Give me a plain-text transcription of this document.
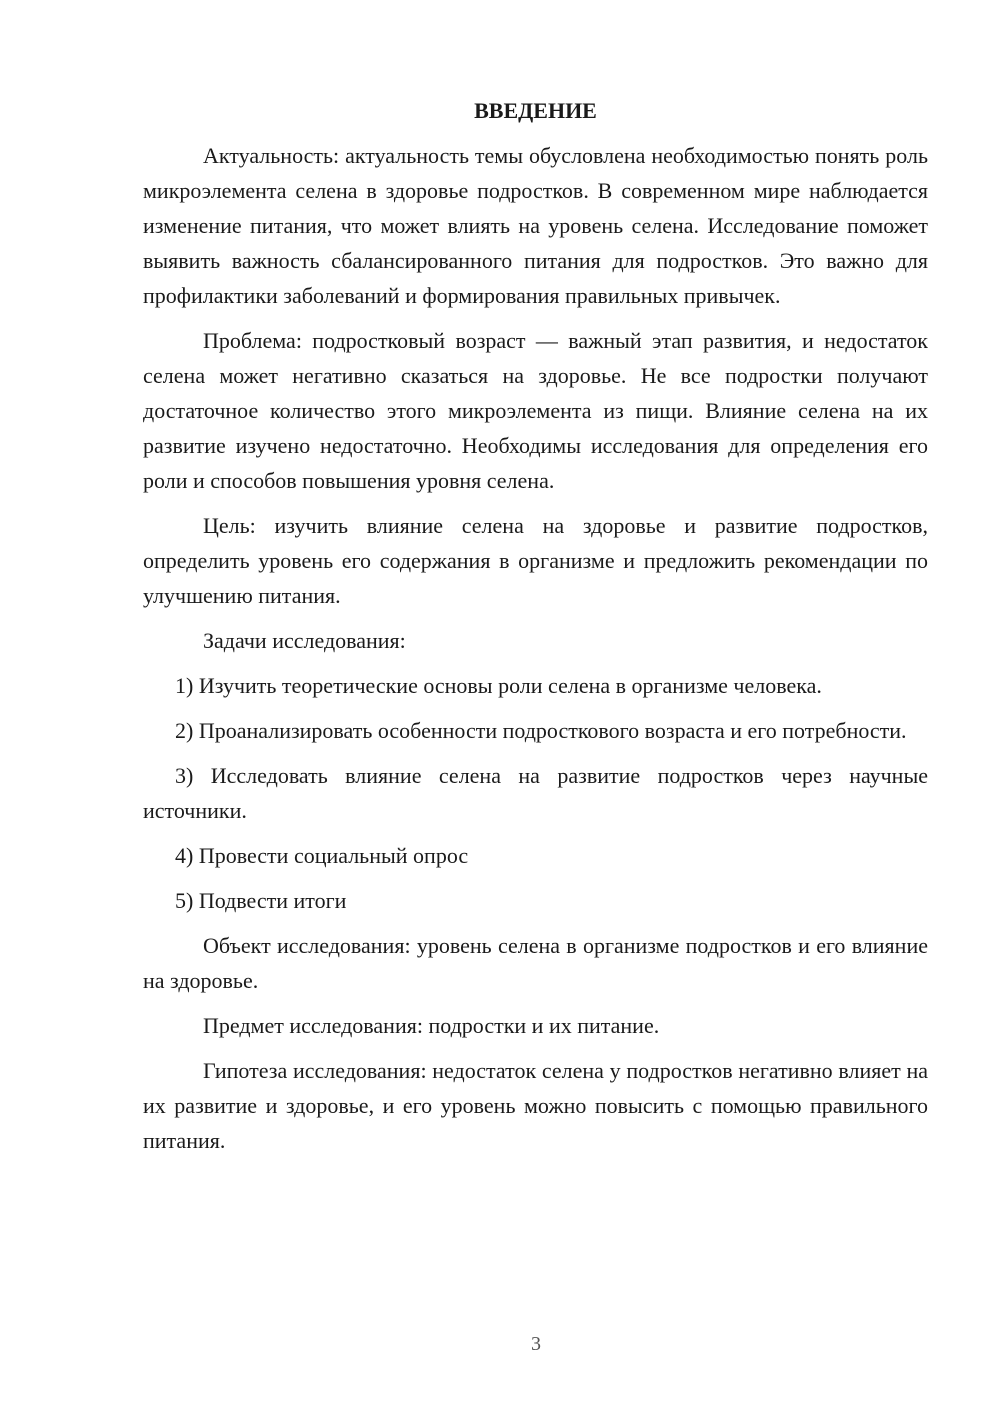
ВВЕДЕНИЕ

Актуальность: актуальность темы обусловлена необходимостью понять роль микроэлемента селена в здоровье подростков. В современном мире наблюдается изменение питания, что может влиять на уровень селена. Исследование поможет выявить важность сбалансированного питания для подростков. Это важно для профилактики заболеваний и формирования правильных привычек.

Проблема: подростковый возраст — важный этап развития, и недостаток селена может негативно сказаться на здоровье. Не все подростки получают достаточное количество этого микроэлемента из пищи. Влияние селена на их развитие изучено недостаточно. Необходимы исследования для определения его роли и способов повышения уровня селена.

Цель: изучить влияние селена на здоровье и развитие подростков, определить уровень его содержания в организме и предложить рекомендации по улучшению питания.

Задачи исследования:

1) Изучить теоретические основы роли селена в организме человека.

2) Проанализировать особенности подросткового возраста и его потребности.

3) Исследовать влияние селена на развитие подростков через научные источники.

4) Провести социальный опрос

5) Подвести итоги

Объект исследования: уровень селена в организме подростков и его влияние на здоровье.

Предмет исследования: подростки и их питание.

Гипотеза исследования: недостаток селена у подростков негативно влияет на их развитие и здоровье, и его уровень можно повысить с помощью правильного питания.

3
